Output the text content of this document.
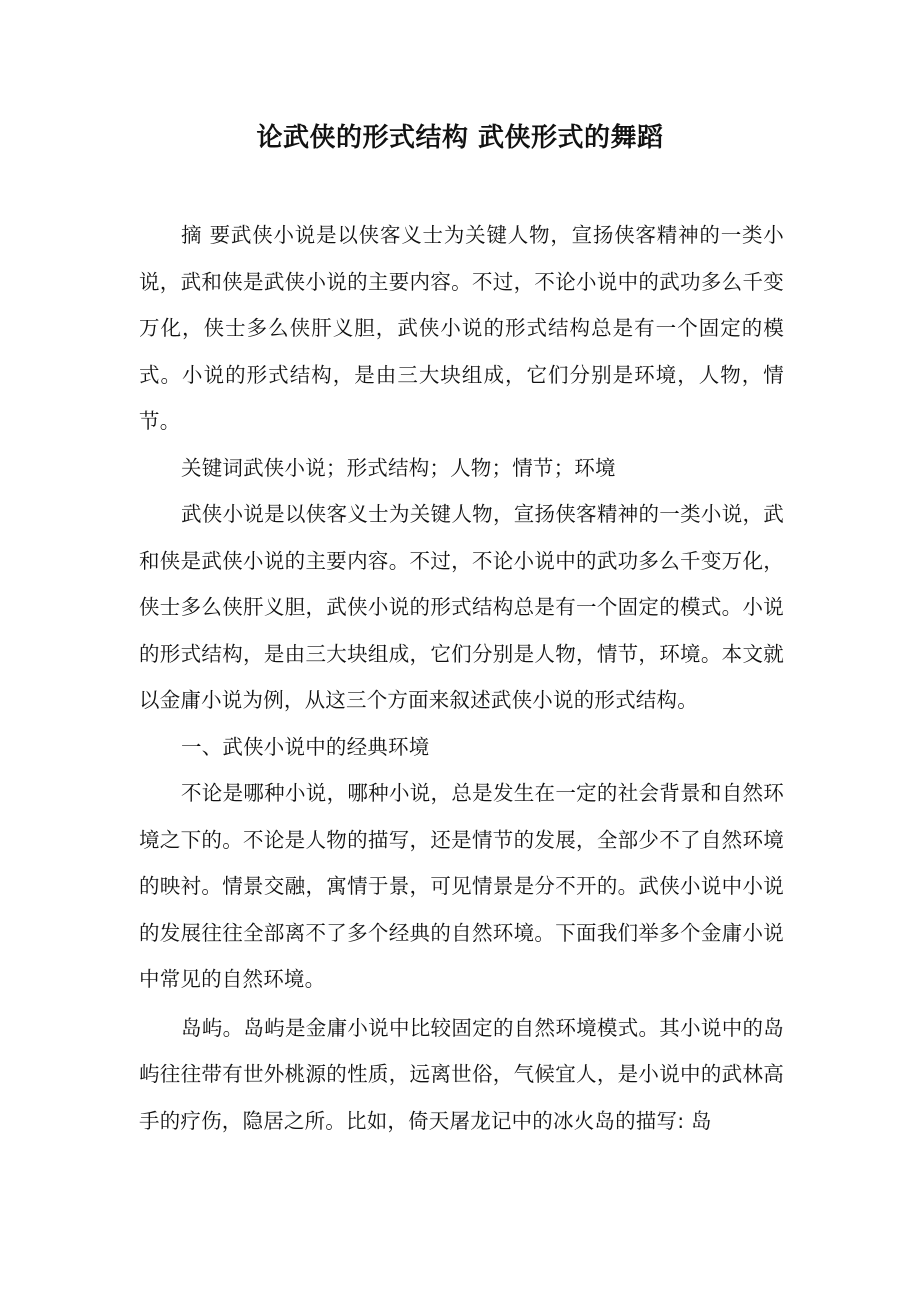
论武侠的形式结构 武侠形式的舞蹈

摘 要武侠小说是以侠客义士为关键人物，宣扬侠客精神的一类小说，武和侠是武侠小说的主要内容。不过，不论小说中的武功多么千变万化，侠士多么侠肝义胆，武侠小说的形式结构总是有一个固定的模式。小说的形式结构，是由三大块组成，它们分别是环境，人物，情节。

关键词武侠小说；形式结构；人物；情节；环境

武侠小说是以侠客义士为关键人物，宣扬侠客精神的一类小说，武和侠是武侠小说的主要内容。不过，不论小说中的武功多么千变万化，侠士多么侠肝义胆，武侠小说的形式结构总是有一个固定的模式。小说的形式结构，是由三大块组成，它们分别是人物，情节，环境。本文就以金庸小说为例，从这三个方面来叙述武侠小说的形式结构。

一、武侠小说中的经典环境

不论是哪种小说，哪种小说，总是发生在一定的社会背景和自然环境之下的。不论是人物的描写，还是情节的发展，全部少不了自然环境的映衬。情景交融，寓情于景，可见情景是分不开的。武侠小说中小说的发展往往全部离不了多个经典的自然环境。下面我们举多个金庸小说中常见的自然环境。

岛屿。岛屿是金庸小说中比较固定的自然环境模式。其小说中的岛屿往往带有世外桃源的性质，远离世俗，气候宜人，是小说中的武林高手的疗伤，隐居之所。比如，倚天屠龙记中的冰火岛的描写: 岛
